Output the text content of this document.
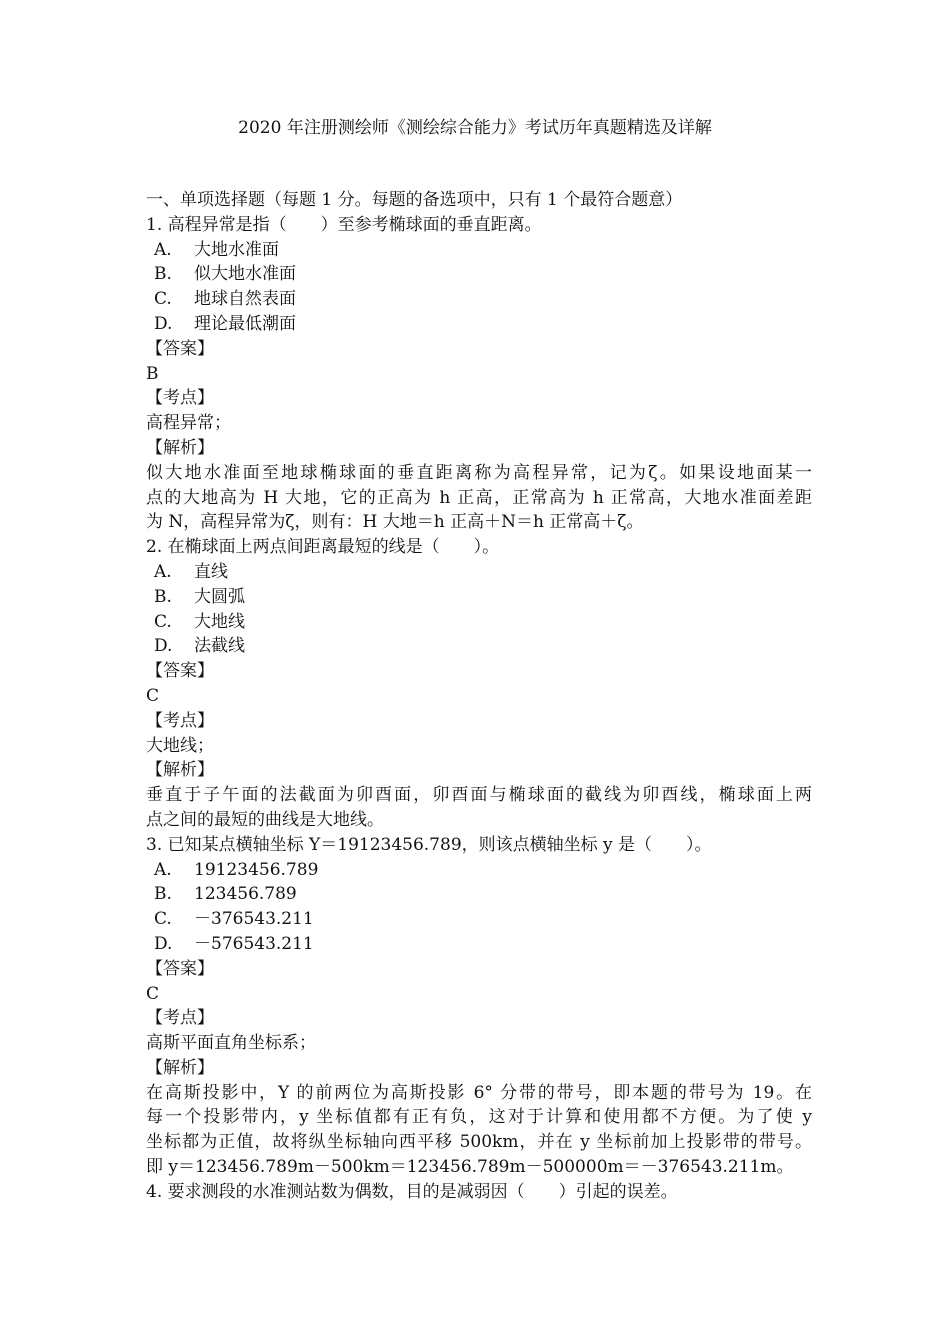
2020 年注册测绘师《测绘综合能力》考试历年真题精选及详解
一、单项选择题（每题 1 分。每题的备选项中，只有 1 个最符合题意）
1. 高程异常是指（　　）至参考椭球面的垂直距离。
A. 大地水准面
B. 似大地水准面
C. 地球自然表面
D. 理论最低潮面
【答案】
B
【考点】
高程异常；
【解析】
似大地水准面至地球椭球面的垂直距离称为高程异常，记为ζ。如果设地面某一
点的大地高为 H 大地，它的正高为 h 正高，正常高为 h 正常高，大地水准面差距
为 N，高程异常为ζ，则有：H 大地＝h 正高＋N＝h 正常高＋ζ。
2. 在椭球面上两点间距离最短的线是（　　）。
A. 直线
B. 大圆弧
C. 大地线
D. 法截线
【答案】
C
【考点】
大地线；
【解析】
垂直于子午面的法截面为卯酉面，卯酉面与椭球面的截线为卯酉线，椭球面上两
点之间的最短的曲线是大地线。
3. 已知某点横轴坐标 Y＝19123456.789，则该点横轴坐标 y 是（　　）。
A. 19123456.789
B. 123456.789
C. －376543.211
D. －576543.211
【答案】
C
【考点】
高斯平面直角坐标系；
【解析】
在高斯投影中，Y 的前两位为高斯投影 6° 分带的带号，即本题的带号为 19。在
每一个投影带内，y 坐标值都有正有负，这对于计算和使用都不方便。为了使 y
坐标都为正值，故将纵坐标轴向西平移 500km，并在 y 坐标前加上投影带的带号。
即 y＝123456.789m－500km＝123456.789m－500000m＝－376543.211m。
4. 要求测段的水准测站数为偶数，目的是减弱因（　　）引起的误差。
